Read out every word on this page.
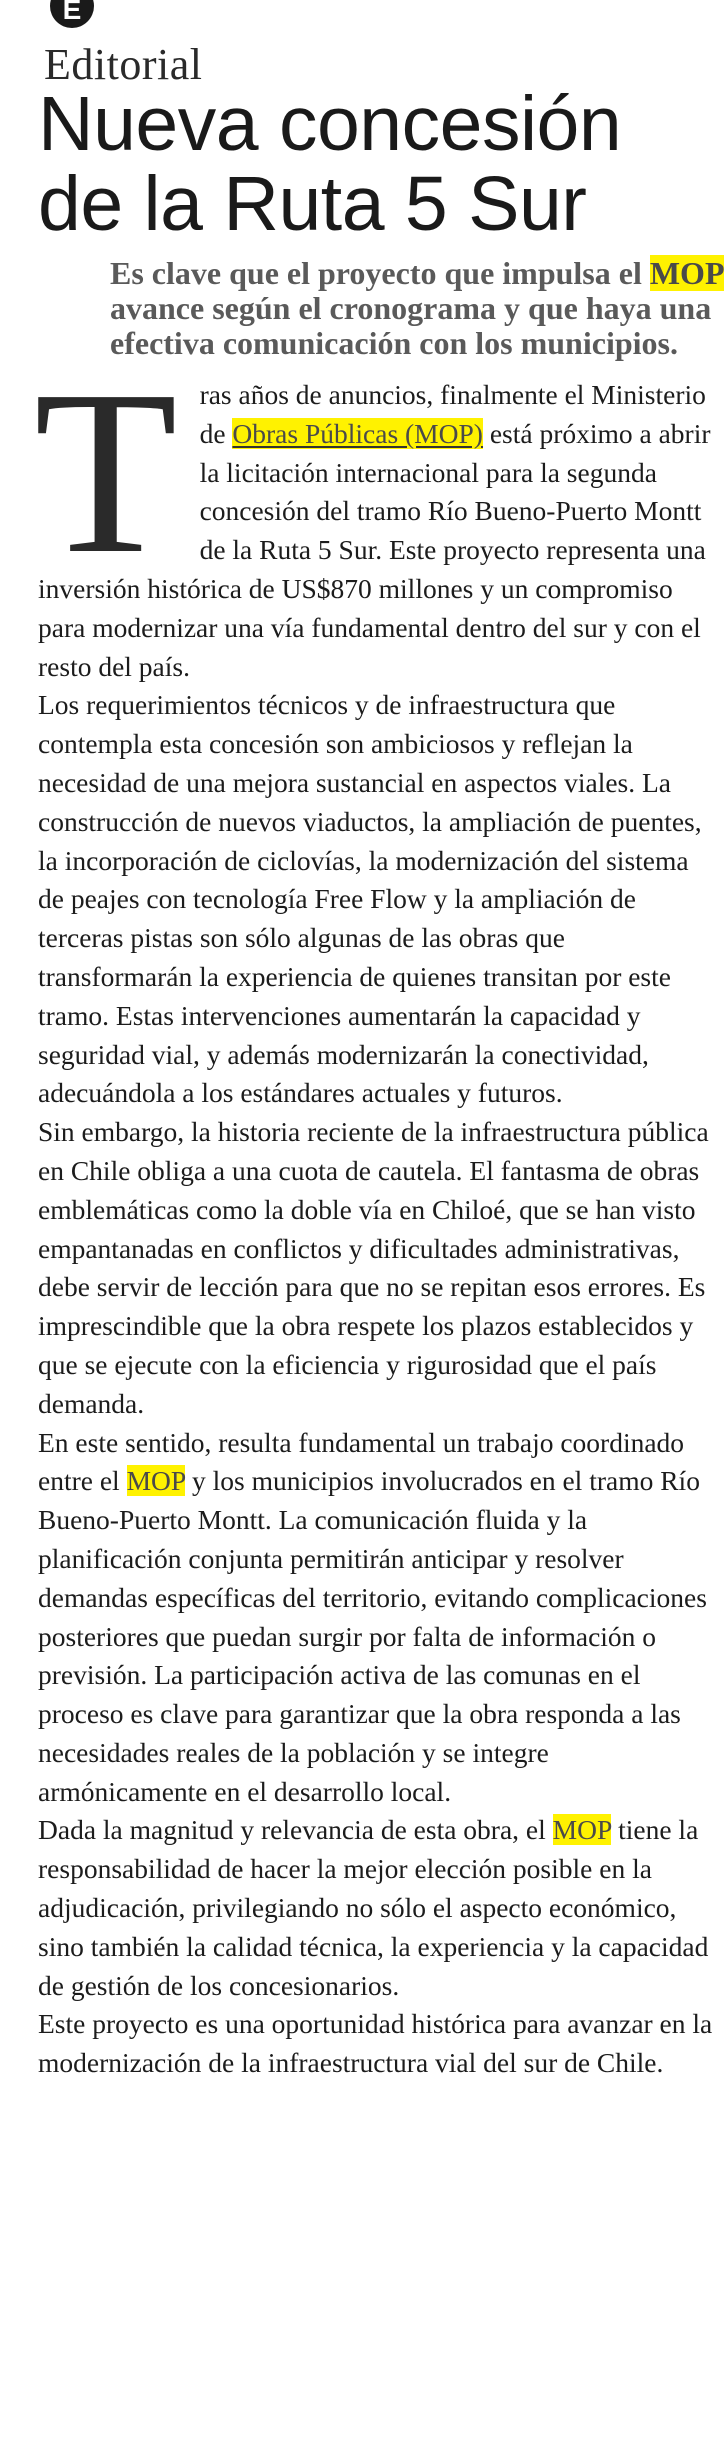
E
Editorial
Nueva concesión
de la Ruta 5 Sur
Es clave que el proyecto que impulsa el MOP
avance según el cronograma y que haya una
efectiva comunicación con los municipios.

Tras años de anuncios, finalmente el Ministerio de Obras Públicas (MOP) está próximo a abrir la licitación internacional para la segunda concesión del tramo Río Bueno-Puerto Montt de la Ruta 5 Sur. Este proyecto representa una inversión histórica de US$870 millones y un compromiso para modernizar una vía fundamental dentro del sur y con el resto del país.

Los requerimientos técnicos y de infraestructura que contempla esta concesión son ambiciosos y reflejan la necesidad de una mejora sustancial en aspectos viales. La construcción de nuevos viaductos, la ampliación de puentes, la incorporación de ciclovías, la modernización del sistema de peajes con tecnología Free Flow y la ampliación de terceras pistas son sólo algunas de las obras que transformarán la experiencia de quienes transitan por este tramo. Estas intervenciones aumentarán la capacidad y seguridad vial, y además modernizarán la conectividad, adecuándola a los estándares actuales y futuros.

Sin embargo, la historia reciente de la infraestructura pública en Chile obliga a una cuota de cautela. El fantasma de obras emblemáticas como la doble vía en Chiloé, que se han visto empantanadas en conflictos y dificultades administrativas, debe servir de lección para que no se repitan esos errores. Es imprescindible que la obra respete los plazos establecidos y que se ejecute con la eficiencia y rigurosidad que el país demanda.

En este sentido, resulta fundamental un trabajo coordinado entre el MOP y los municipios involucrados en el tramo Río Bueno-Puerto Montt. La comunicación fluida y la planificación conjunta permitirán anticipar y resolver demandas específicas del territorio, evitando complicaciones posteriores que puedan surgir por falta de información o previsión. La participación activa de las comunas en el proceso es clave para garantizar que la obra responda a las necesidades reales de la población y se integre armónicamente en el desarrollo local.

Dada la magnitud y relevancia de esta obra, el MOP tiene la responsabilidad de hacer la mejor elección posible en la adjudicación, privilegiando no sólo el aspecto económico, sino también la calidad técnica, la experiencia y la capacidad de gestión de los concesionarios.

Este proyecto es una oportunidad histórica para avanzar en la modernización de la infraestructura vial del sur de Chile.
